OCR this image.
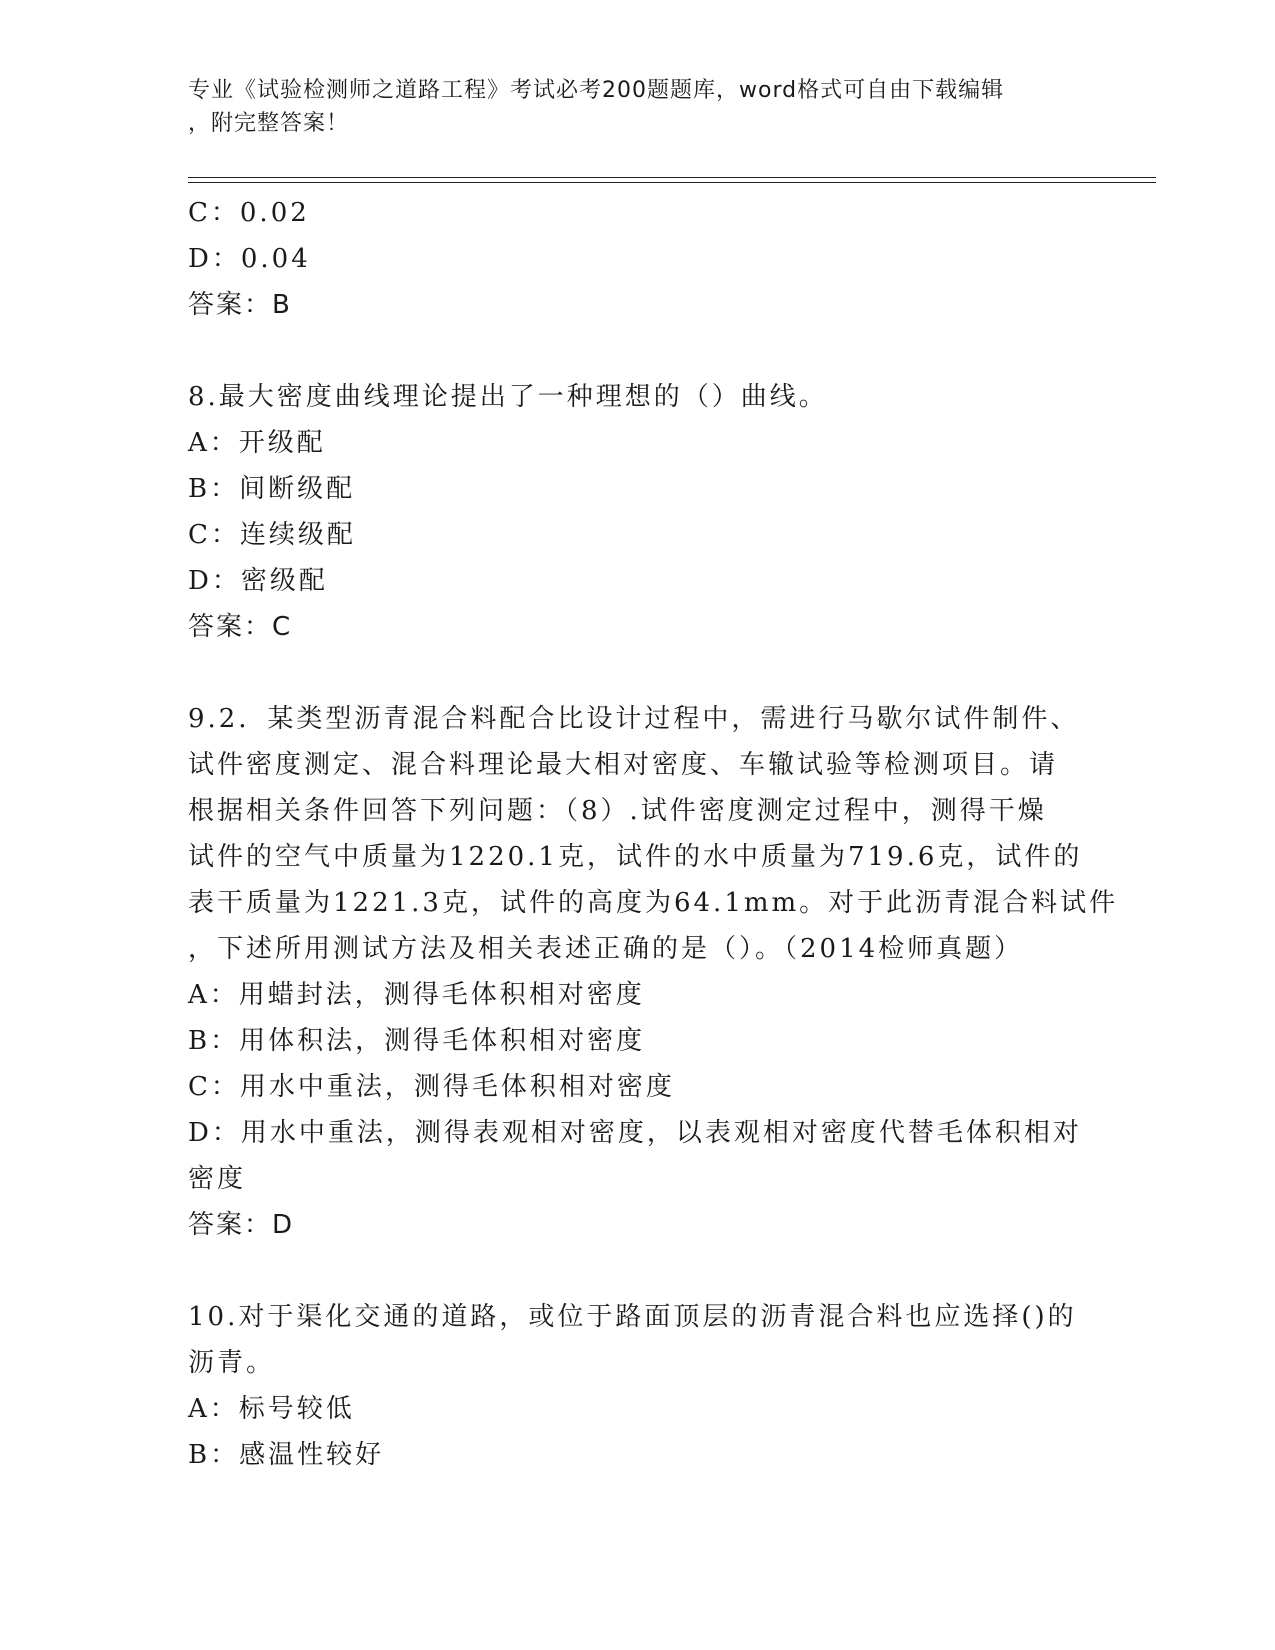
专业《试验检测师之道路工程》考试必考200题题库，word格式可自由下载编辑
，附完整答案！
C：0.02
D：0.04
答案：B
8.最大密度曲线理论提出了一种理想的（）曲线。
A：开级配
B：间断级配
C：连续级配
D：密级配
答案：C
9.2．某类型沥青混合料配合比设计过程中，需进行马歇尔试件制件、
试件密度测定、混合料理论最大相对密度、车辙试验等检测项目。请
根据相关条件回答下列问题：（8）.试件密度测定过程中，测得干燥
试件的空气中质量为1220.1克，试件的水中质量为719.6克，试件的
表干质量为1221.3克，试件的高度为64.1mm。对于此沥青混合料试件
，下述所用测试方法及相关表述正确的是（）。（2014检师真题）
A：用蜡封法，测得毛体积相对密度
B：用体积法，测得毛体积相对密度
C：用水中重法，测得毛体积相对密度
D：用水中重法，测得表观相对密度，以表观相对密度代替毛体积相对
密度
答案：D
10.对于渠化交通的道路，或位于路面顶层的沥青混合料也应选择()的
沥青。
A：标号较低
B：感温性较好
